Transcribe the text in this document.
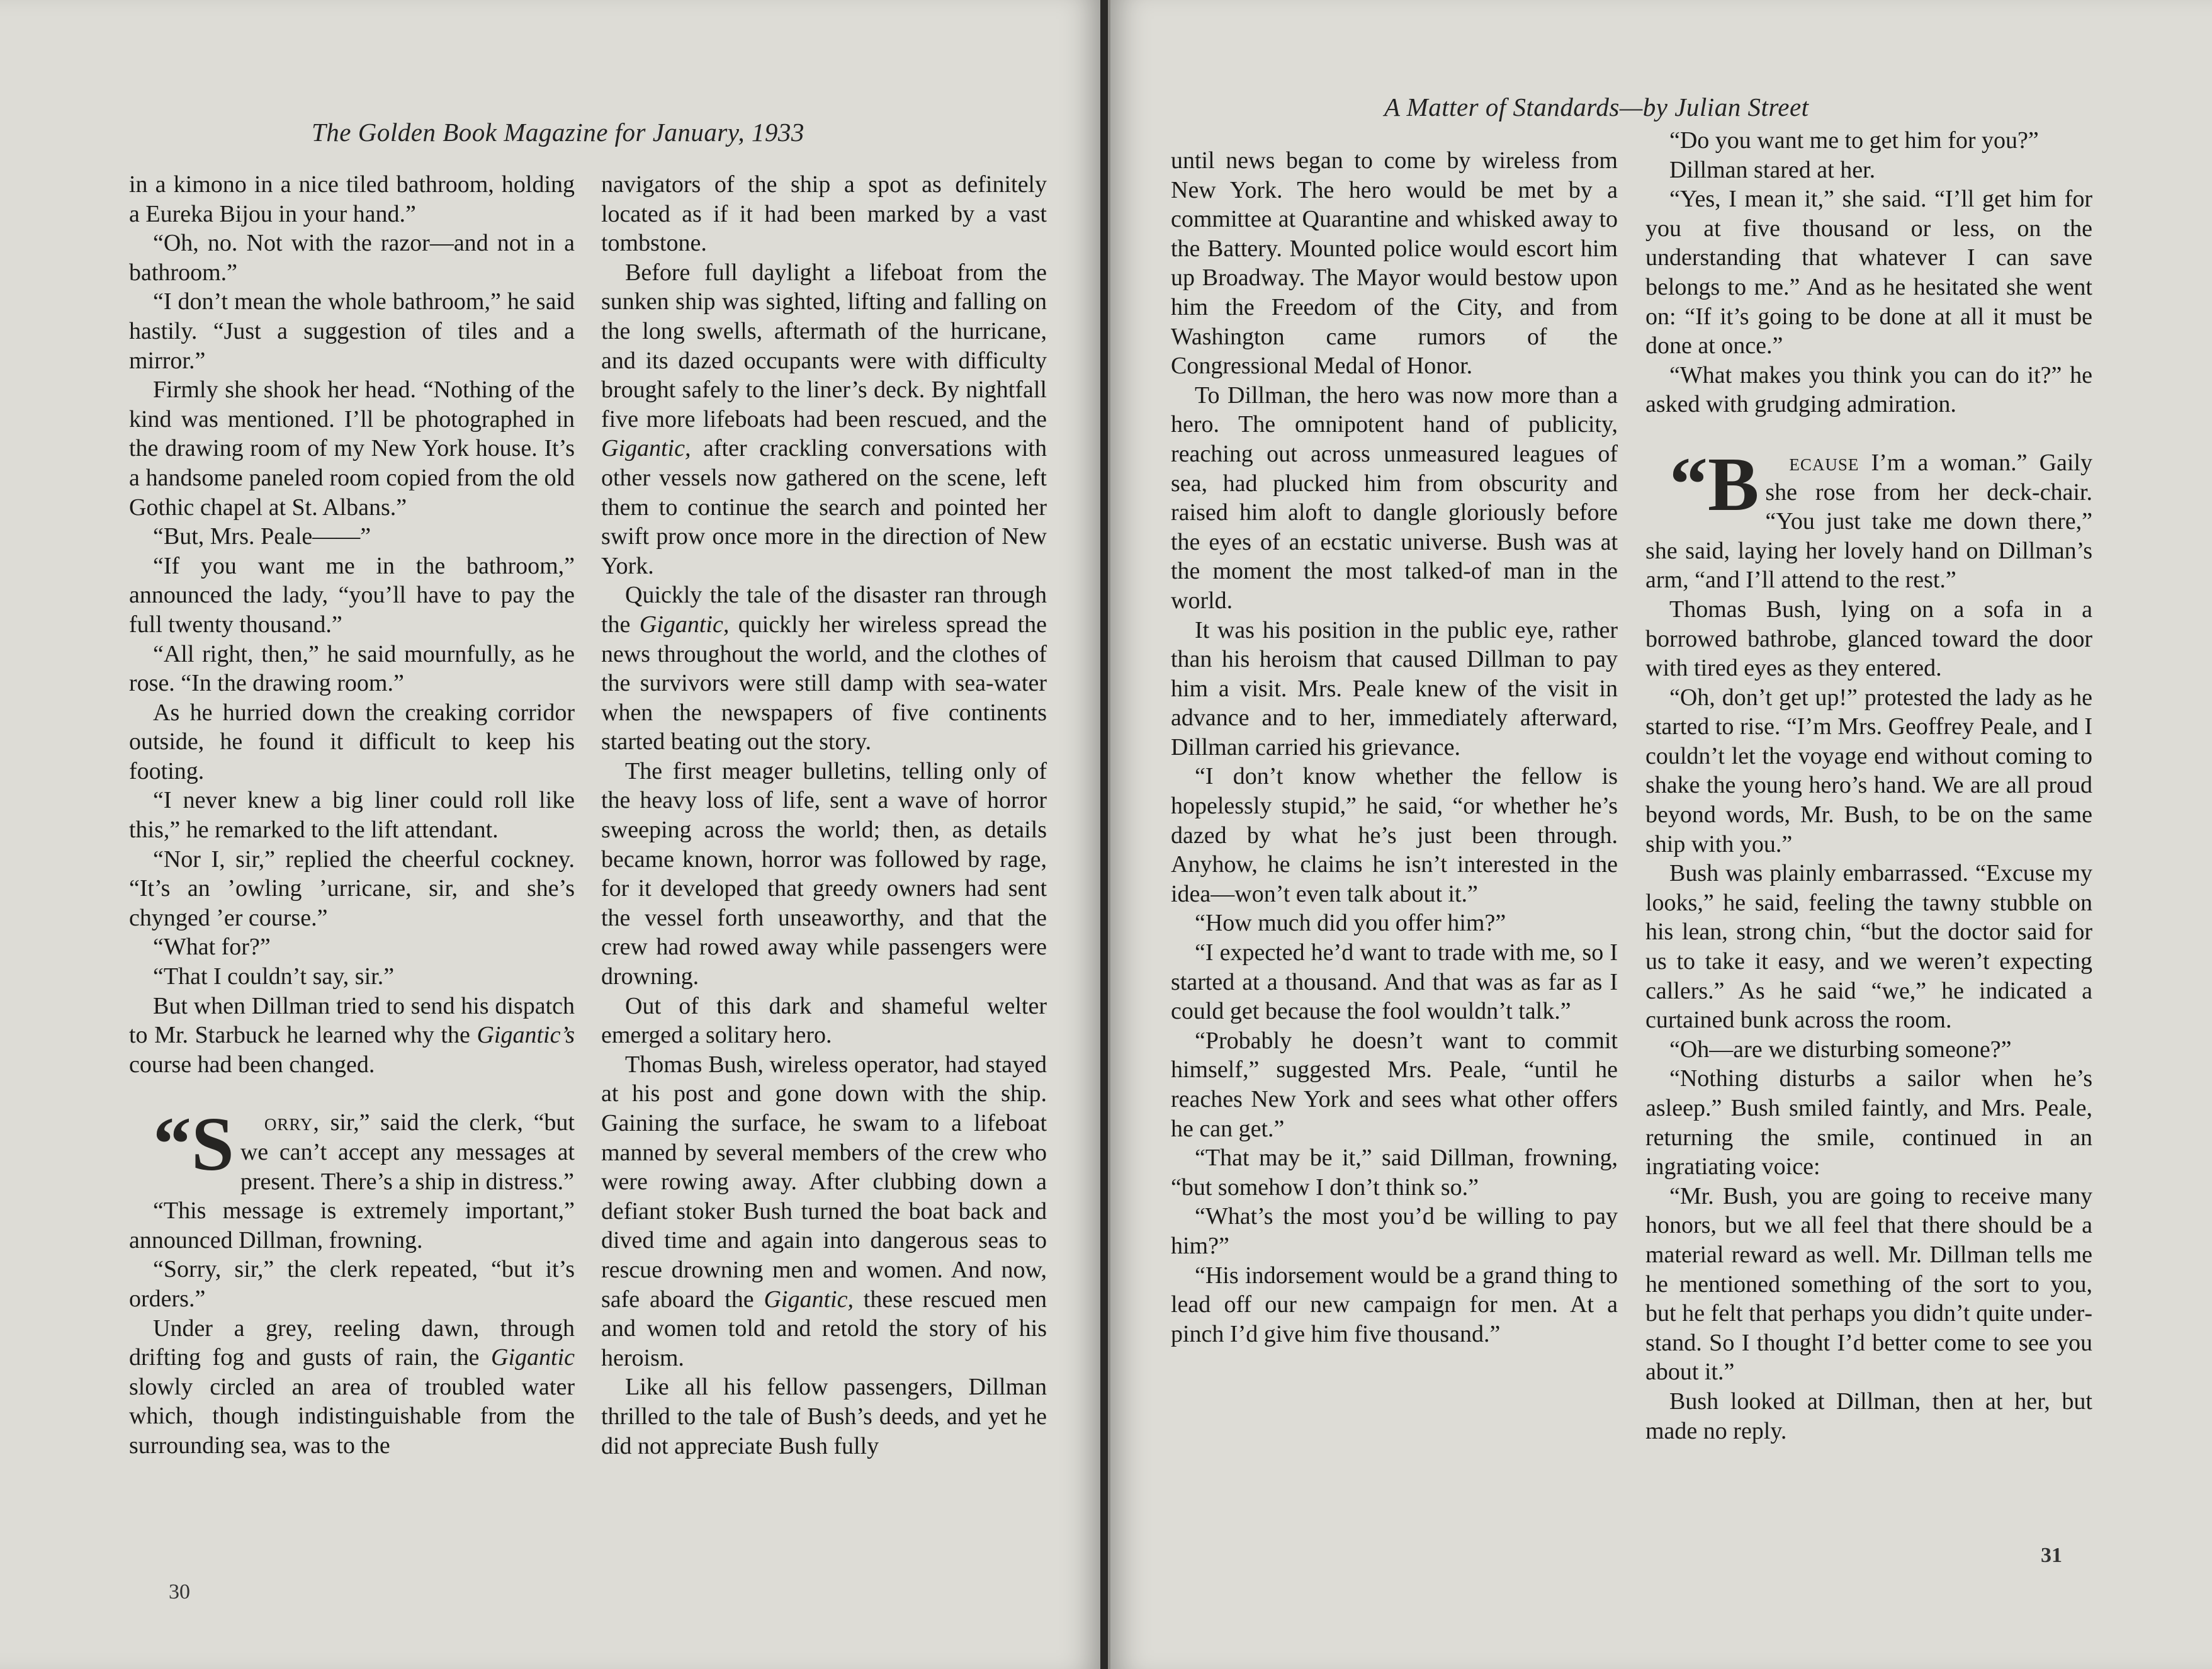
The Golden Book Magazine for January, 1933

in a kimono in a nice tiled bathroom, holding a Eureka Bijou in your hand.”

“Oh, no. Not with the razor—and not in a bathroom.”

“I don’t mean the whole bathroom,” he said hastily. “Just a suggestion of tiles and a mirror.”

Firmly she shook her head. “Nothing of the kind was mentioned. I’ll be photographed in the drawing room of my New York house. It’s a handsome paneled room copied from the old Gothic chapel at St. Albans.”

“But, Mrs. Peale——”

“If you want me in the bathroom,” announced the lady, “you’ll have to pay the full twenty thousand.”

“All right, then,” he said mournfully, as he rose. “In the drawing room.”

As he hurried down the creaking corridor outside, he found it difficult to keep his footing.

“I never knew a big liner could roll like this,” he remarked to the lift attendant.

“Nor I, sir,” replied the cheerful cockney. “It’s an ’owling ’urricane, sir, and she’s chynged ’er course.”

“What for?”

“That I couldn’t say, sir.”

But when Dillman tried to send his dispatch to Mr. Starbuck he learned why the Gigantic’s course had been changed.

“S orry, sir,” said the clerk, “but we can’t accept any messages at present. There’s a ship in distress.”

“This message is extremely important,” announced Dillman, frowning.

“Sorry, sir,” the clerk repeated, “but it’s orders.”

Under a grey, reeling dawn, through drifting fog and gusts of rain, the Gigantic slowly circled an area of troubled water which, though indistinguishable from the surrounding sea, was to the

navigators of the ship a spot as definitely located as if it had been marked by a vast tombstone.

Before full daylight a lifeboat from the sunken ship was sighted, lifting and falling on the long swells, aftermath of the hurricane, and its dazed occupants were with difficulty brought safely to the liner’s deck. By nightfall five more lifeboats had been rescued, and the Gigantic, after crackling conversations with other vessels now gathered on the scene, left them to continue the search and pointed her swift prow once more in the direction of New York.

Quickly the tale of the disaster ran through the Gigantic, quickly her wireless spread the news throughout the world, and the clothes of the survivors were still damp with sea-water when the newspapers of five continents started beating out the story.

The first meager bulletins, telling only of the heavy loss of life, sent a wave of horror sweeping across the world; then, as details became known, horror was followed by rage, for it developed that greedy owners had sent the vessel forth unseaworthy, and that the crew had rowed away while passengers were drowning.

Out of this dark and shameful welter emerged a solitary hero.

Thomas Bush, wireless operator, had stayed at his post and gone down with the ship. Gaining the surface, he swam to a lifeboat manned by several members of the crew who were rowing away. After clubbing down a defiant stoker Bush turned the boat back and dived time and again into dangerous seas to rescue drowning men and women. And now, safe aboard the Gigantic, these rescued men and women told and retold the story of his heroism.

Like all his fellow passengers, Dillman thrilled to the tale of Bush’s deeds, and yet he did not appreciate Bush fully

30
A Matter of Standards—by Julian Street

until news began to come by wireless from New York. The hero would be met by a committee at Quarantine and whisked away to the Battery. Mounted police would escort him up Broadway. The Mayor would bestow upon him the Freedom of the City, and from Washington came rumors of the Congressional Medal of Honor.

To Dillman, the hero was now more than a hero. The omnipotent hand of publicity, reaching out across unmeasured leagues of sea, had plucked him from obscurity and raised him aloft to dangle gloriously before the eyes of an ecstatic universe. Bush was at the moment the most talked-of man in the world.

It was his position in the public eye, rather than his heroism that caused Dillman to pay him a visit. Mrs. Peale knew of the visit in advance and to her, immediately afterward, Dillman carried his grievance.

“I don’t know whether the fellow is hopelessly stupid,” he said, “or whether he’s dazed by what he’s just been through. Anyhow, he claims he isn’t interested in the idea—won’t even talk about it.”

“How much did you offer him?”

“I expected he’d want to trade with me, so I started at a thousand. And that was as far as I could get because the fool wouldn’t talk.”

“Probably he doesn’t want to commit himself,” suggested Mrs. Peale, “until he reaches New York and sees what other offers he can get.”

“That may be it,” said Dillman, frowning, “but somehow I don’t think so.”

“What’s the most you’d be willing to pay him?”

“His indorsement would be a grand thing to lead off our new campaign for men. At a pinch I’d give him five thousand.”

“Do you want me to get him for you?”

Dillman stared at her.

“Yes, I mean it,” she said. “I’ll get him for you at five thousand or less, on the understanding that whatever I can save belongs to me.” And as he hesitated she went on: “If it’s going to be done at all it must be done at once.”

“What makes you think you can do it?” he asked with grudging admiration.

“B ecause I’m a woman.” Gaily she rose from her deck-chair. “You just take me down there,” she said, laying her lovely hand on Dillman’s arm, “and I’ll attend to the rest.”

Thomas Bush, lying on a sofa in a borrowed bathrobe, glanced toward the door with tired eyes as they entered.

“Oh, don’t get up!” protested the lady as he started to rise. “I’m Mrs. Geoffrey Peale, and I couldn’t let the voyage end without coming to shake the young hero’s hand. We are all proud beyond words, Mr. Bush, to be on the same ship with you.”

Bush was plainly embarrassed. “Excuse my looks,” he said, feeling the tawny stubble on his lean, strong chin, “but the doctor said for us to take it easy, and we weren’t expecting callers.” As he said “we,” he indicated a curtained bunk across the room.

“Oh—are we disturbing someone?”

“Nothing disturbs a sailor when he’s asleep.” Bush smiled faintly, and Mrs. Peale, returning the smile, continued in an ingratiating voice:

“Mr. Bush, you are going to receive many honors, but we all feel that there should be a material reward as well. Mr. Dillman tells me he mentioned something of the sort to you, but he felt that perhaps you didn’t quite understand. So I thought I’d better come to see you about it.”

Bush looked at Dillman, then at her, but made no reply.

31
